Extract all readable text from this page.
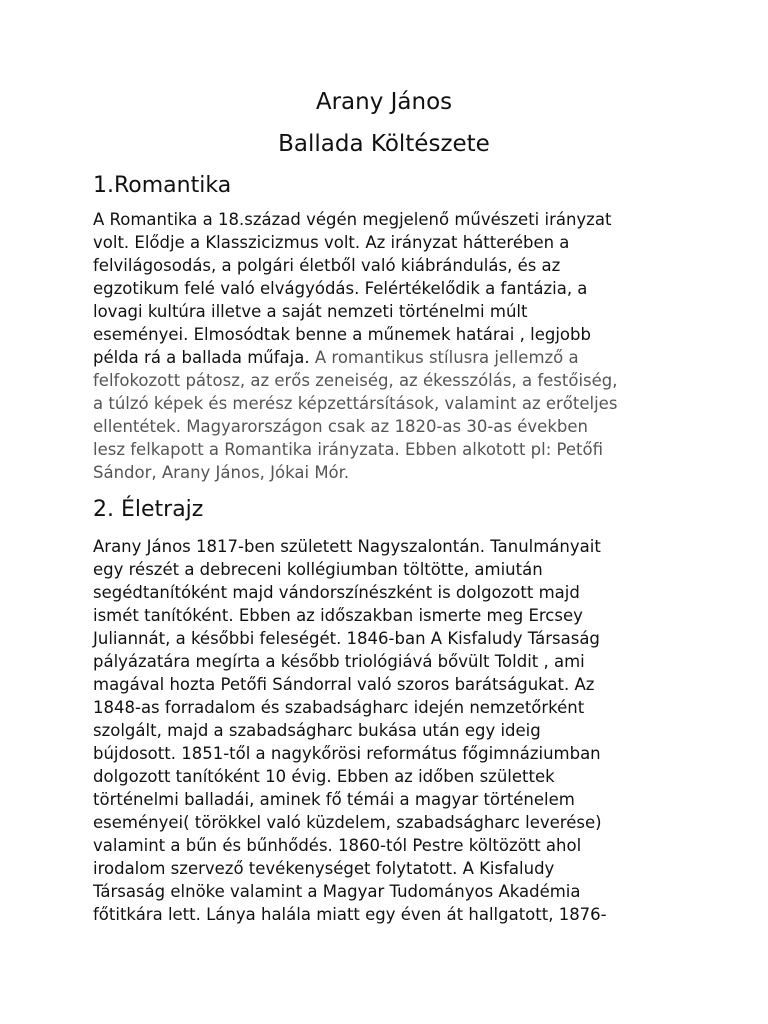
Arany János
Ballada Költészete
1.Romantika

A Romantika a 18.század végén megjelenő művészeti irányzat
volt. Elődje a Klasszicizmus volt. Az irányzat hátterében a
felvilágosodás, a polgári életből való kiábrándulás, és az
egzotikum felé való elvágyódás. Felértékelődik a fantázia, a
lovagi kultúra illetve a saját nemzeti történelmi múlt
eseményei. Elmosódtak benne a műnemek határai , legjobb
példa rá a ballada műfaja. A romantikus stílusra jellemző a
felfokozott pátosz, az erős zeneiség, az ékesszólás, a festőiség,
a túlzó képek és merész képzettársítások, valamint az erőteljes
ellentétek. Magyarországon csak az 1820-as 30-as években
lesz felkapott a Romantika irányzata. Ebben alkotott pl: Petőfi
Sándor, Arany János, Jókai Mór.

2. Életrajz

Arany János 1817-ben született Nagyszalontán. Tanulmányait
egy részét a debreceni kollégiumban töltötte, amiután
segédtanítóként majd vándorszínészként is dolgozott majd
ismét tanítóként. Ebben az időszakban ismerte meg Ercsey
Juliannát, a későbbi feleségét. 1846-ban A Kisfaludy Társaság
pályázatára megírta a később triológiává bővült Toldit , ami
magával hozta Petőfi Sándorral való szoros barátságukat. Az
1848-as forradalom és szabadságharc idején nemzetőrként
szolgált, majd a szabadságharc bukása után egy ideig
bújdosott. 1851-től a nagykőrösi református főgimnáziumban
dolgozott tanítóként 10 évig. Ebben az időben születtek
történelmi balladái, aminek fő témái a magyar történelem
eseményei( törökkel való küzdelem, szabadságharc leverése)
valamint a bűn és bűnhődés. 1860-tól Pestre költözött ahol
irodalom szervező tevékenységet folytatott. A Kisfaludy
Társaság elnöke valamint a Magyar Tudományos Akadémia
főtitkára lett. Lánya halála miatt egy éven át hallgatott, 1876-
